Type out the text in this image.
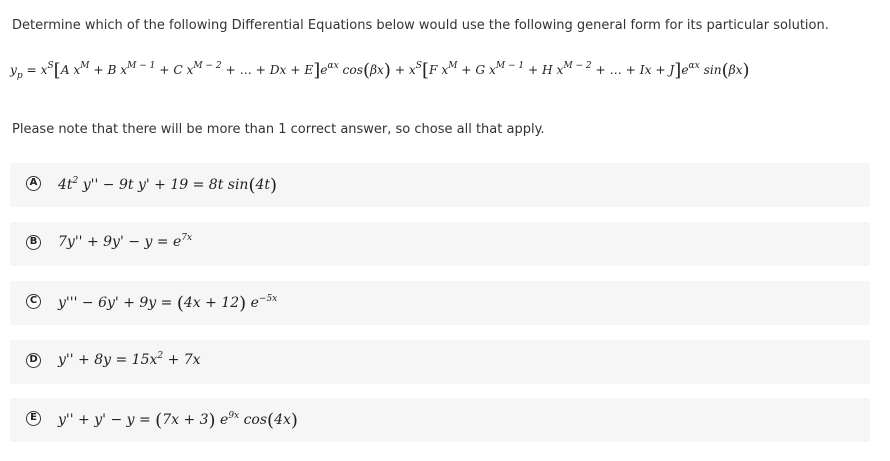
Determine which of the following Differential Equations below would use the following general form for its particular solution.
$y_p = x^S[A$ $x^M + B$ $x^{M - 1} + C$ $x^{M - 2}$ + … + $Dx + E]e^{\alpha x}$ $\cos(\beta x) + x^S[F$ $x^M + G$ $x^{M - 1} + H$ $x^{M - 2}$ + … + $Ix + J]e^{\alpha x}$ sin(βx)
Please note that there will be more than 1 correct answer, so chose all that apply.
A $4t^2$ y'' − 9t y' + 19 = 8t sin(4t)
B $7y'' + 9y' - y = e^{7x}$
C y''' − 6y' + 9y = (4x + 12) $e^{-5x}$
D $y'' + 8y = 15x^2 + 7x$
E y'' + y' − y = (7x + 3) $e^{9x}$ cos(4x)
